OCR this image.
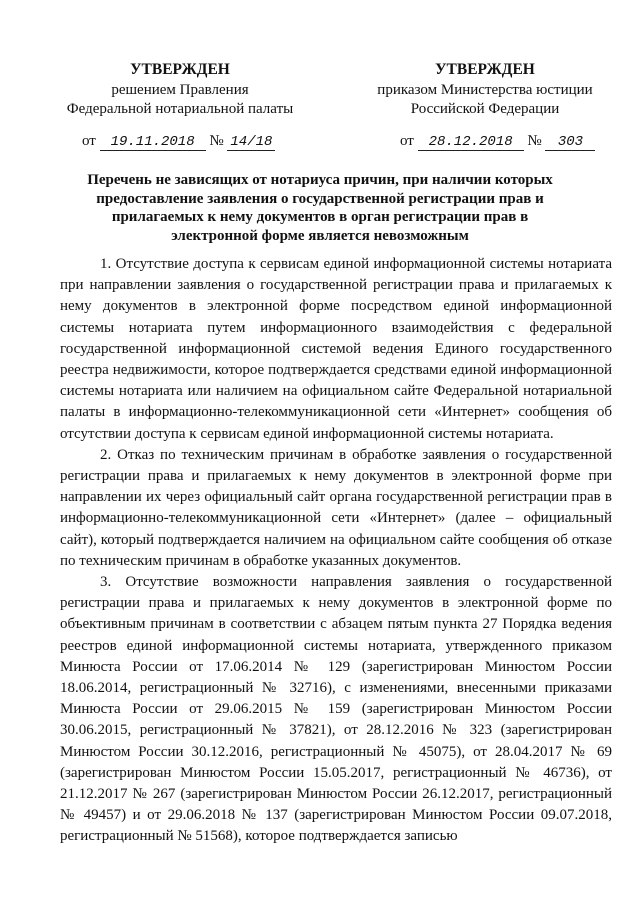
УТВЕРЖДЕН
решением Правления
Федеральной нотариальной палаты
УТВЕРЖДЕН
приказом Министерства юстиции
Российской Федерации
от 19.11.2018 № 14/18	от 28.12.2018 № 303
Перечень не зависящих от нотариуса причин, при наличии которых предоставление заявления о государственной регистрации прав и прилагаемых к нему документов в орган регистрации прав в электронной форме является невозможным

1. Отсутствие доступа к сервисам единой информационной системы нотариата при направлении заявления о государственной регистрации права и прилагаемых к нему документов в электронной форме посредством единой информационной системы нотариата путем информационного взаимодействия с федеральной государственной информационной системой ведения Единого государственного реестра недвижимости, которое подтверждается средствами единой информационной системы нотариата или наличием на официальном сайте Федеральной нотариальной палаты в информационно-телекоммуникационной сети «Интернет» сообщения об отсутствии доступа к сервисам единой информационной системы нотариата.

2. Отказ по техническим причинам в обработке заявления о государственной регистрации права и прилагаемых к нему документов в электронной форме при направлении их через официальный сайт органа государственной регистрации прав в информационно-телекоммуникационной сети «Интернет» (далее – официальный сайт), который подтверждается наличием на официальном сайте сообщения об отказе по техническим причинам в обработке указанных документов.

3. Отсутствие возможности направления заявления о государственной регистрации права и прилагаемых к нему документов в электронной форме по объективным причинам в соответствии с абзацем пятым пункта 27 Порядка ведения реестров единой информационной системы нотариата, утвержденного приказом Минюста России от 17.06.2014 № 129 (зарегистрирован Минюстом России 18.06.2014, регистрационный № 32716), с изменениями, внесенными приказами Минюста России от 29.06.2015 № 159 (зарегистрирован Минюстом России 30.06.2015, регистрационный № 37821), от 28.12.2016 № 323 (зарегистрирован Минюстом России 30.12.2016, регистрационный № 45075), от 28.04.2017 № 69 (зарегистрирован Минюстом России 15.05.2017, регистрационный № 46736), от 21.12.2017 № 267 (зарегистрирован Минюстом России 26.12.2017, регистрационный № 49457) и от 29.06.2018 № 137 (зарегистрирован Минюстом России 09.07.2018, регистрационный № 51568), которое подтверждается записью
